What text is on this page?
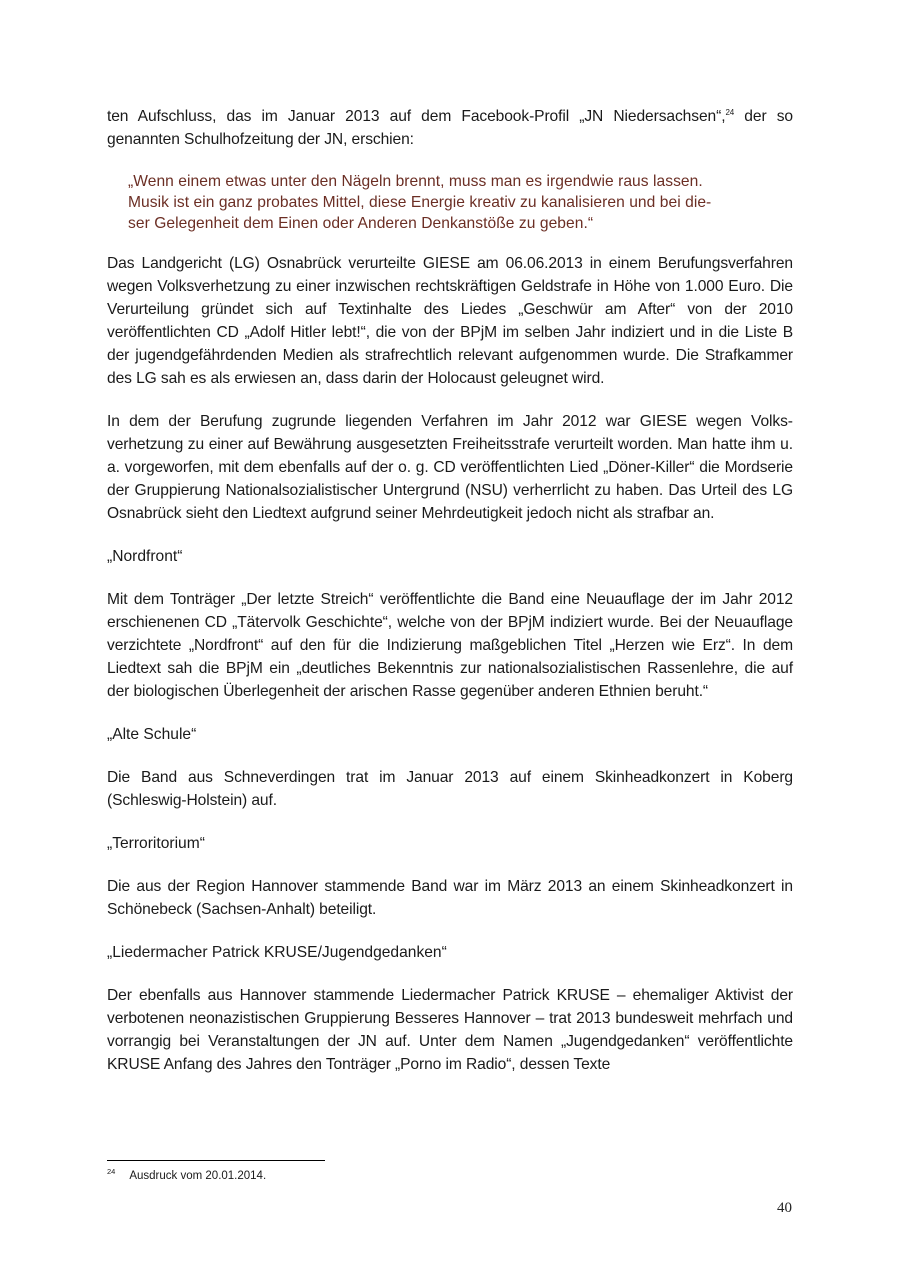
ten Aufschluss, das im Januar 2013 auf dem Facebook-Profil „JN Niedersachsen“,$^{24}$ der so genannten Schulhofzeitung der JN, erschien:

„Wenn einem etwas unter den Nägeln brennt, muss man es irgendwie raus lassen.
Musik ist ein ganz probates Mittel, diese Energie kreativ zu kanalisieren und bei die-
ser Gelegenheit dem Einen oder Anderen Denkanstöße zu geben.“

Das Landgericht (LG) Osnabrück verurteilte GIESE am 06.06.2013 in einem Berufungsverfahren wegen Volksverhetzung zu einer inzwischen rechtskräftigen Geldstrafe in Höhe von 1.000 Euro. Die Verurteilung gründet sich auf Textinhalte des Liedes „Geschwür am After“ von der 2010 veröffentlichten CD „Adolf Hitler lebt!“, die von der BPjM im selben Jahr indiziert und in die Liste B der jugendgefährdenden Medien als strafrechtlich relevant aufgenommen wurde. Die Strafkammer des LG sah es als erwiesen an, dass darin der Holocaust geleugnet wird.

In dem der Berufung zugrunde liegenden Verfahren im Jahr 2012 war GIESE wegen Volksverhetzung zu einer auf Bewährung ausgesetzten Freiheitsstrafe verurteilt worden. Man hatte ihm u. a. vorgeworfen, mit dem ebenfalls auf der o. g. CD veröffentlichten Lied „Döner-Killer“ die Mordserie der Gruppierung Nationalsozialistischer Untergrund (NSU) verherrlicht zu haben. Das Urteil des LG Osnabrück sieht den Liedtext aufgrund seiner Mehrdeutigkeit jedoch nicht als strafbar an.

„Nordfront“

Mit dem Tonträger „Der letzte Streich“ veröffentlichte die Band eine Neuauflage der im Jahr 2012 erschienenen CD „Tätervolk Geschichte“, welche von der BPjM indiziert wurde. Bei der Neuauflage verzichtete „Nordfront“ auf den für die Indizierung maßgeblichen Titel „Herzen wie Erz“. In dem Liedtext sah die BPjM ein „deutliches Bekenntnis zur nationalsozialistischen Rassenlehre, die auf der biologischen Überlegenheit der arischen Rasse gegenüber anderen Ethnien beruht.“

„Alte Schule“

Die Band aus Schneverdingen trat im Januar 2013 auf einem Skinheadkonzert in Koberg (Schleswig-Holstein) auf.

„Terroritorium“

Die aus der Region Hannover stammende Band war im März 2013 an einem Skinheadkonzert in Schönebeck (Sachsen-Anhalt) beteiligt.

„Liedermacher Patrick KRUSE/Jugendgedanken“

Der ebenfalls aus Hannover stammende Liedermacher Patrick KRUSE – ehemaliger Aktivist der verbotenen neonazistischen Gruppierung Besseres Hannover – trat 2013 bundesweit mehrfach und vorrangig bei Veranstaltungen der JN auf. Unter dem Namen „Jugendgedanken“ veröffentlichte KRUSE Anfang des Jahres den Tonträger „Porno im Radio“, dessen Texte

$^{24}$ Ausdruck vom 20.01.2014.
40
